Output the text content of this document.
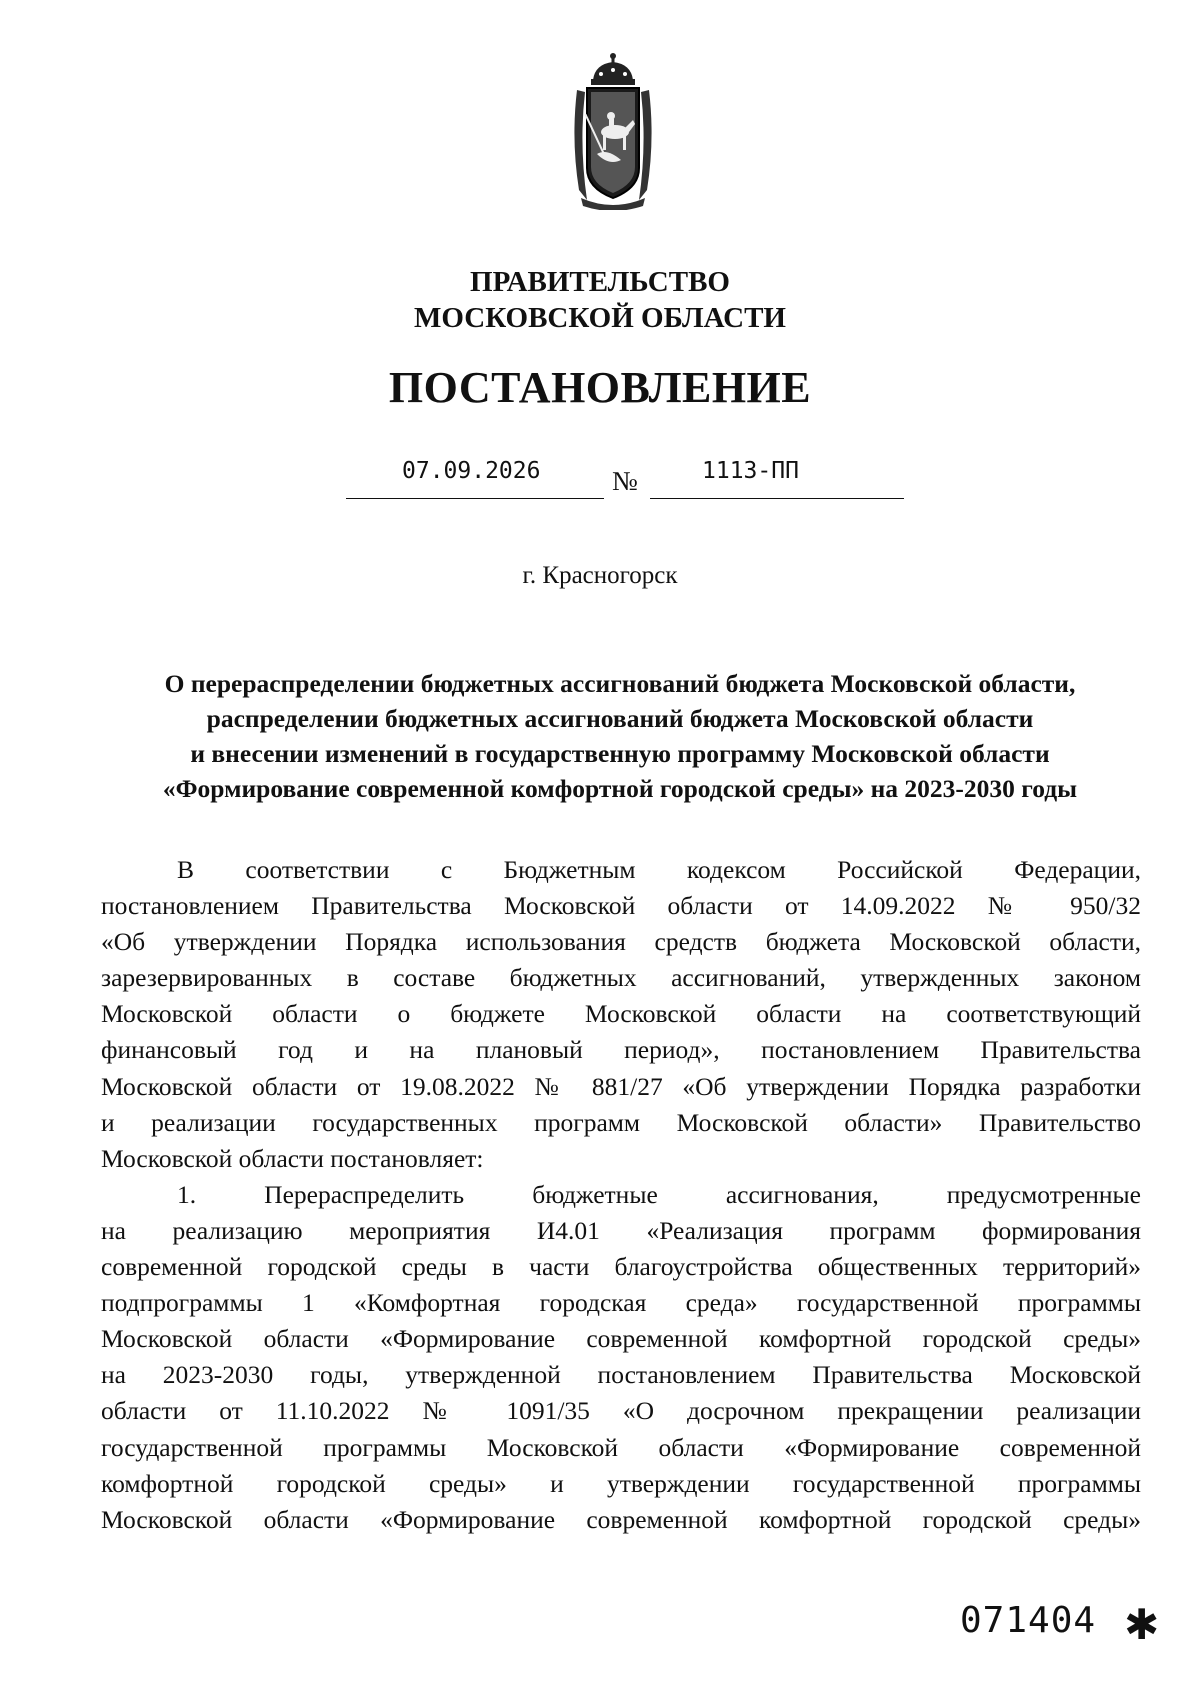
ПРАВИТЕЛЬСТВО
МОСКОВСКОЙ ОБЛАСТИ
ПОСТАНОВЛЕНИЕ
07.09.2026	№	1113-ПП
г. Красногорск
О перераспределении бюджетных ассигнований бюджета Московской области,
распределении бюджетных ассигнований бюджета Московской области
и внесении изменений в государственную программу Московской области
«Формирование современной комфортной городской среды» на 2023-2030 годы
В соответствии с Бюджетным кодексом Российской Федерации,
постановлением Правительства Московской области от 14.09.2022 № 950/32
«Об утверждении Порядка использования средств бюджета Московской области,
зарезервированных в составе бюджетных ассигнований, утвержденных законом
Московской области о бюджете Московской области на соответствующий
финансовый год и на плановый период», постановлением Правительства
Московской области от 19.08.2022 № 881/27 «Об утверждении Порядка разработки
и реализации государственных программ Московской области» Правительство
Московской области постановляет:
1. Перераспределить бюджетные ассигнования, предусмотренные
на реализацию мероприятия И4.01 «Реализация программ формирования
современной городской среды в части благоустройства общественных территорий»
подпрограммы 1 «Комфортная городская среда» государственной программы
Московской области «Формирование современной комфортной городской среды»
на 2023-2030 годы, утвержденной постановлением Правительства Московской
области от 11.10.2022 № 1091/35 «О досрочном прекращении реализации
государственной программы Московской области «Формирование современной
комфортной городской среды» и утверждении государственной программы
Московской области «Формирование современной комфортной городской среды»
071404 ✱
